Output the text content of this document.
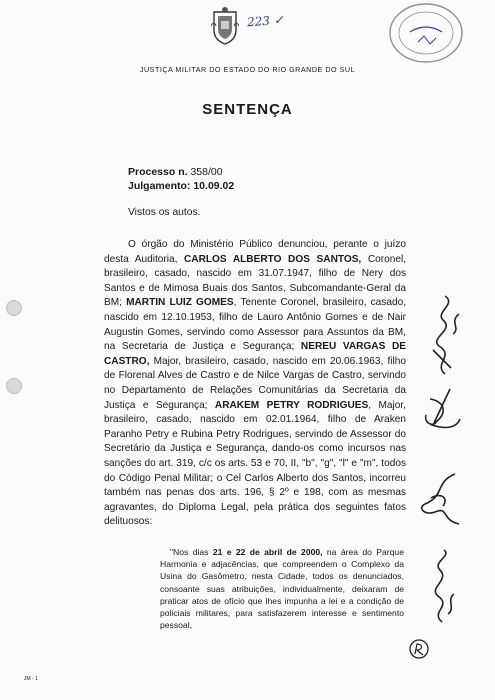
223 ✓
JUSTIÇA MILITAR DO ESTADO DO RIO GRANDE DO SUL
SENTENÇA
Processo n. 358/00
Julgamento: 10.09.02
Vistos os autos.

O órgão do Ministério Público denunciou, perante o juízo desta Auditoria, CARLOS ALBERTO DOS SANTOS, Coronel, brasileiro, casado, nascido em 31.07.1947, filho de Nery dos Santos e de Mimosa Buais dos Santos, Subcomandante-Geral da BM; MARTIN LUIZ GOMES, Tenente Coronel, brasileiro, casado, nascido em 12.10.1953, filho de Lauro Antônio Gomes e de Nair Augustin Gomes, servindo como Assessor para Assuntos da BM, na Secretaria de Justiça e Segurança; NEREU VARGAS DE CASTRO, Major, brasileiro, casado, nascido em 20.06.1963, filho de Florenal Alves de Castro e de Nilce Vargas de Castro, servindo no Departamento de Relações Comunitárias da Secretaria da Justiça e Segurança; ARAKEM PETRY RODRIGUES, Major, brasileiro, casado, nascido em 02.01.1964, filho de Araken Paranho Petry e Rubina Petry Rodrigues, servindo de Assessor do Secretário da Justiça e Segurança, dando-os como incursos nas sanções do art. 319, c/c os arts. 53 e 70, II, "b", "g", "l" e "m", todos do Código Penal Militar; o Cel Carlos Alberto dos Santos, incorreu também nas penas dos arts. 196, § 2º e 198, com as mesmas agravantes, do Diploma Legal, pela prática dos seguintes fatos delituosos:

"Nos dias 21 e 22 de abril de 2000, na área do Parque Harmonia e adjacências, que compreendem o Complexo da Usina do Gasômetro, nesta Cidade, todos os denunciados, consoante suas atribuições, individualmente, deixaram de praticar atos de ofício que lhes impunha a lei e a condição de policiais militares, para satisfazerem interesse e sentimento pessoal,

JM - 1
